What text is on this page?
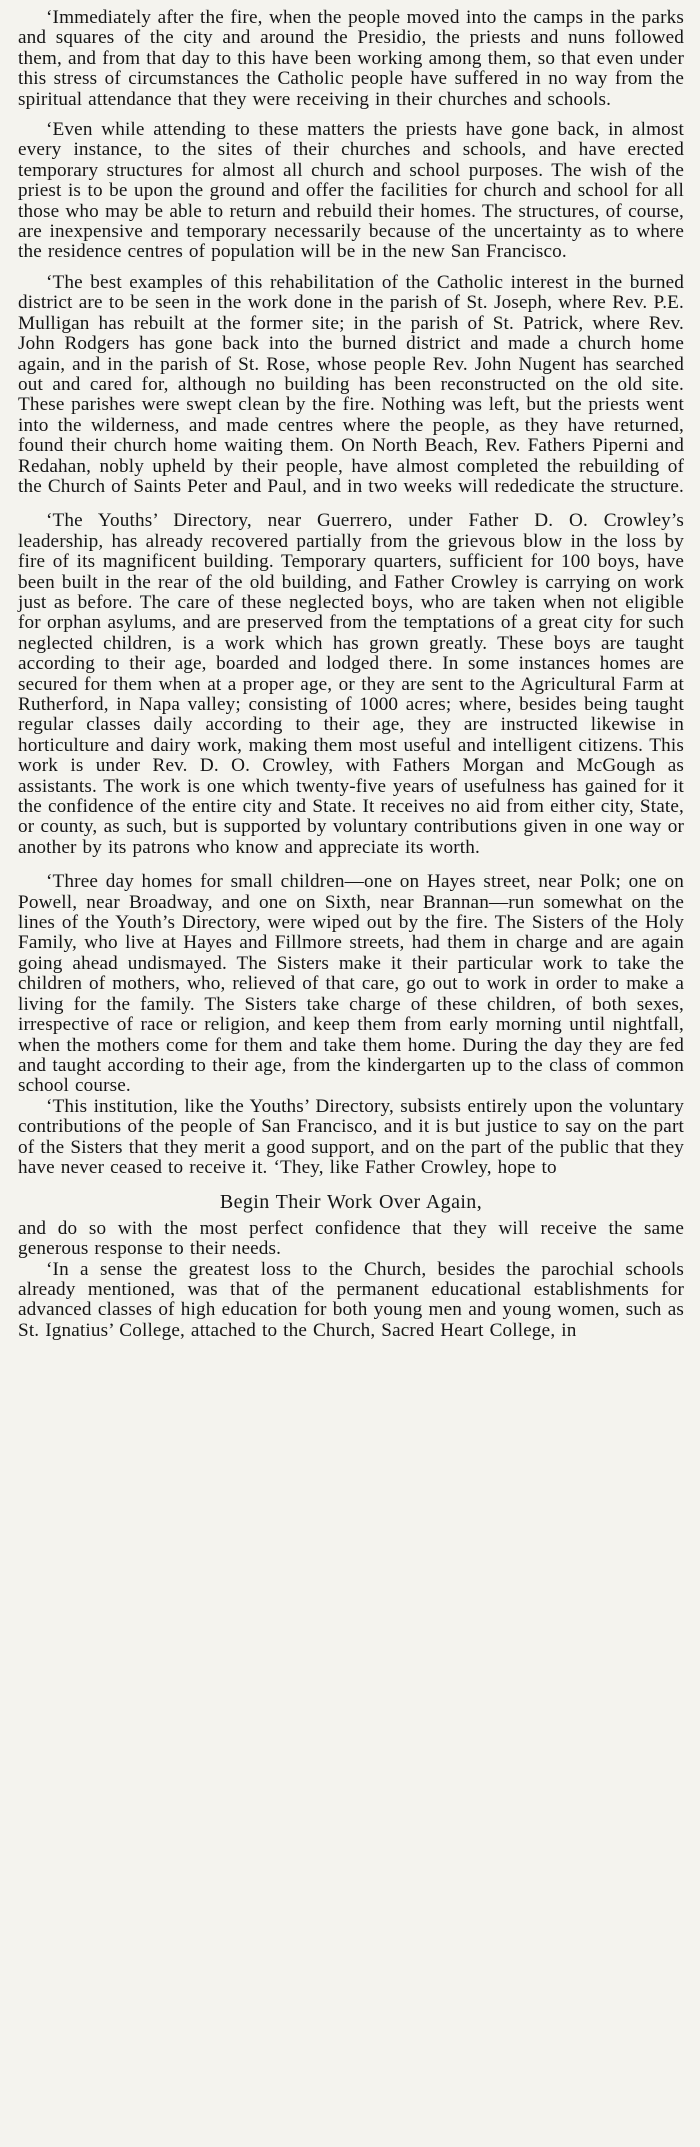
‘Immediately after the fire, when the people moved into the camps in the parks and squares of the city and around the Presidio, the priests and nuns followed them, and from that day to this have been working among them, so that even under this stress of circumstances the Catholic people have suffered in no way from the spiritual attendance that they were receiving in their churches and schools.

‘Even while attending to these matters the priests have gone back, in almost every instance, to the sites of their churches and schools, and have erected temporary structures for almost all church and school purposes. The wish of the priest is to be upon the ground and offer the facilities for church and school for all those who may be able to return and rebuild their homes. The structures, of course, are inexpensive and temporary necessarily because of the uncertainty as to where the residence centres of population will be in the new San Francisco.

‘The best examples of this rehabilitation of the Catholic interest in the burned district are to be seen in the work done in the parish of St. Joseph, where Rev. P.E. Mulligan has rebuilt at the former site; in the parish of St. Patrick, where Rev. John Rodgers has gone back into the burned district and made a church home again, and in the parish of St. Rose, whose people Rev. John Nugent has searched out and cared for, although no building has been reconstructed on the old site. These parishes were swept clean by the fire. Nothing was left, but the priests went into the wilderness, and made centres where the people, as they have returned, found their church home waiting them. On North Beach, Rev. Fathers Piperni and Redahan, nobly upheld by their people, have almost completed the rebuilding of the Church of Saints Peter and Paul, and in two weeks will rededicate the structure.

‘The Youths’ Directory, near Guerrero, under Father D. O. Crowley’s leadership, has already recovered partially from the grievous blow in the loss by fire of its magnificent building. Temporary quarters, sufficient for 100 boys, have been built in the rear of the old building, and Father Crowley is carrying on work just as before. The care of these neglected boys, who are taken when not eligible for orphan asylums, and are preserved from the temptations of a great city for such neglected children, is a work which has grown greatly. These boys are taught according to their age, boarded and lodged there. In some instances homes are secured for them when at a proper age, or they are sent to the Agricultural Farm at Rutherford, in Napa valley; consisting of 1000 acres; where, besides being taught regular classes daily according to their age, they are instructed likewise in horticulture and dairy work, making them most useful and intelligent citizens. This work is under Rev. D. O. Crowley, with Fathers Morgan and McGough as assistants. The work is one which twenty-five years of usefulness has gained for it the confidence of the entire city and State. It receives no aid from either city, State, or county, as such, but is supported by voluntary contributions given in one way or another by its patrons who know and appreciate its worth.

‘Three day homes for small children—one on Hayes street, near Polk; one on Powell, near Broadway, and one on Sixth, near Brannan—run somewhat on the lines of the Youth’s Directory, were wiped out by the fire. The Sisters of the Holy Family, who live at Hayes and Fillmore streets, had them in charge and are again going ahead undismayed. The Sisters make it their particular work to take the children of mothers, who, relieved of that care, go out to work in order to make a living for the family. The Sisters take charge of these children, of both sexes, irrespective of race or religion, and keep them from early morning until nightfall, when the mothers come for them and take them home. During the day they are fed and taught according to their age, from the kindergarten up to the class of common school course.

‘This institution, like the Youths’ Directory, subsists entirely upon the voluntary contributions of the people of San Francisco, and it is but justice to say on the part of the Sisters that they merit a good support, and on the part of the public that they have never ceased to receive it. ‘They, like Father Crowley, hope to

Begin Their Work Over Again,

and do so with the most perfect confidence that they will receive the same generous response to their needs.

‘In a sense the greatest loss to the Church, besides the parochial schools already mentioned, was that of the permanent educational establishments for advanced classes of high education for both young men and young women, such as St. Ignatius’ College, attached to the Church, Sacred Heart College, in
